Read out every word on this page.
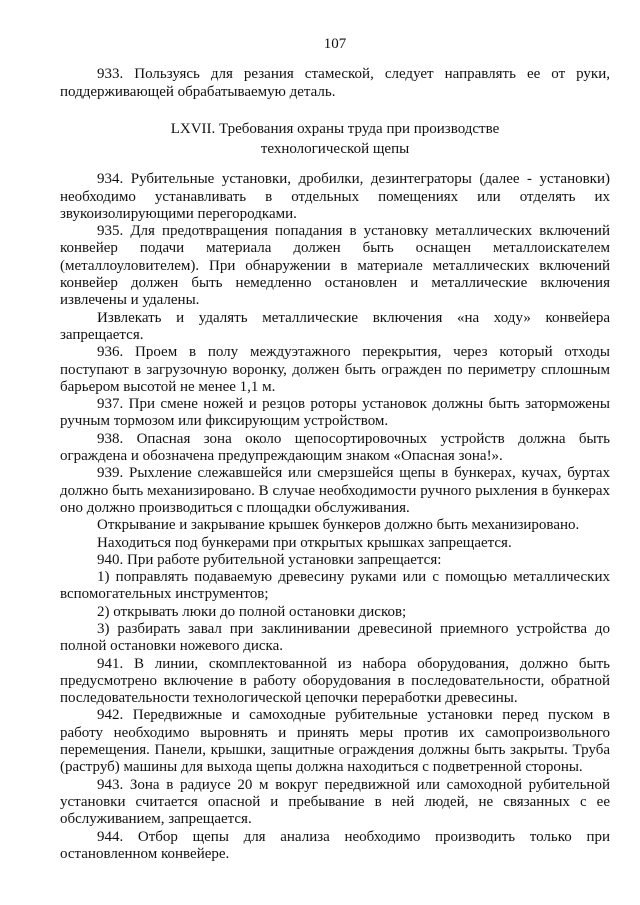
107

933. Пользуясь для резания стамеской, следует направлять ее от руки, поддерживающей обрабатываемую деталь.

LXVII. Требования охраны труда при производстве
технологической щепы

934. Рубительные установки, дробилки, дезинтеграторы (далее - установки) необходимо устанавливать в отдельных помещениях или отделять их звукоизолирующими перегородками.

935. Для предотвращения попадания в установку металлических включений конвейер подачи материала должен быть оснащен металлоискателем (металлоуловителем). При обнаружении в материале металлических включений конвейер должен быть немедленно остановлен и металлические включения извлечены и удалены.

Извлекать и удалять металлические включения «на ходу» конвейера запрещается.

936. Проем в полу междуэтажного перекрытия, через который отходы поступают в загрузочную воронку, должен быть огражден по периметру сплошным барьером высотой не менее 1,1 м.

937. При смене ножей и резцов роторы установок должны быть заторможены ручным тормозом или фиксирующим устройством.

938. Опасная зона около щепосортировочных устройств должна быть ограждена и обозначена предупреждающим знаком «Опасная зона!».

939. Рыхление слежавшейся или смерзшейся щепы в бункерах, кучах, буртах должно быть механизировано. В случае необходимости ручного рыхления в бункерах оно должно производиться с площадки обслуживания.

Открывание и закрывание крышек бункеров должно быть механизировано.

Находиться под бункерами при открытых крышках запрещается.

940. При работе рубительной установки запрещается:

1) поправлять подаваемую древесину руками или с помощью металлических вспомогательных инструментов;

2) открывать люки до полной остановки дисков;

3) разбирать завал при заклинивании древесиной приемного устройства до полной остановки ножевого диска.

941. В линии, скомплектованной из набора оборудования, должно быть предусмотрено включение в работу оборудования в последовательности, обратной последовательности технологической цепочки переработки древесины.

942. Передвижные и самоходные рубительные установки перед пуском в работу необходимо выровнять и принять меры против их самопроизвольного перемещения. Панели, крышки, защитные ограждения должны быть закрыты. Труба (раструб) машины для выхода щепы должна находиться с подветренной стороны.

943. Зона в радиусе 20 м вокруг передвижной или самоходной рубительной установки считается опасной и пребывание в ней людей, не связанных с ее обслуживанием, запрещается.

944. Отбор щепы для анализа необходимо производить только при остановленном конвейере.
